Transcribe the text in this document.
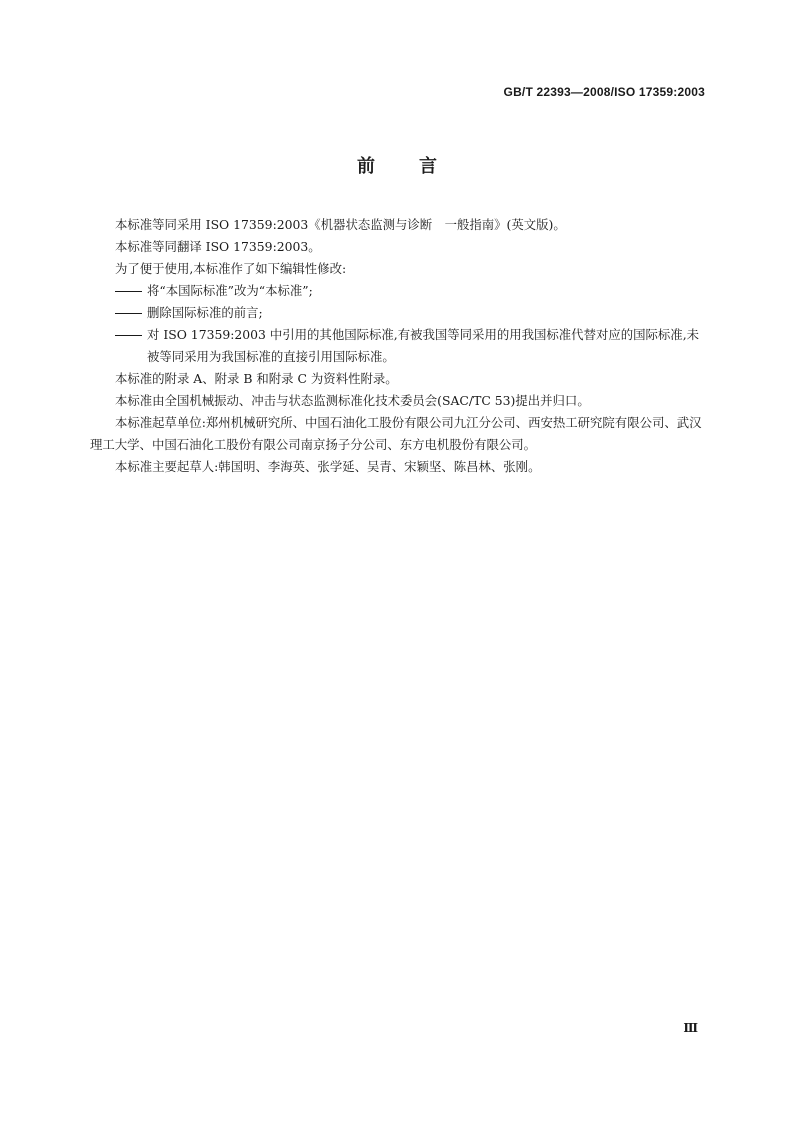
GB/T 22393—2008/ISO 17359:2003
前言

本标准等同采用 ISO 17359:2003《机器状态监测与诊断　一般指南》(英文版)。

本标准等同翻译 ISO 17359:2003。

为了便于使用,本标准作了如下编辑性修改:

将“本国际标准”改为“本标准”;
删除国际标准的前言;
对 ISO 17359:2003 中引用的其他国际标准,有被我国等同采用的用我国标准代替对应的国际标准,未被等同采用为我国标准的直接引用国际标准。

本标准的附录 A、附录 B 和附录 C 为资料性附录。

本标准由全国机械振动、冲击与状态监测标准化技术委员会(SAC/TC 53)提出并归口。

本标准起草单位:郑州机械研究所、中国石油化工股份有限公司九江分公司、西安热工研究院有限公司、武汉理工大学、中国石油化工股份有限公司南京扬子分公司、东方电机股份有限公司。

本标准主要起草人:韩国明、李海英、张学延、吴青、宋颖坚、陈昌林、张刚。

Ⅲ
